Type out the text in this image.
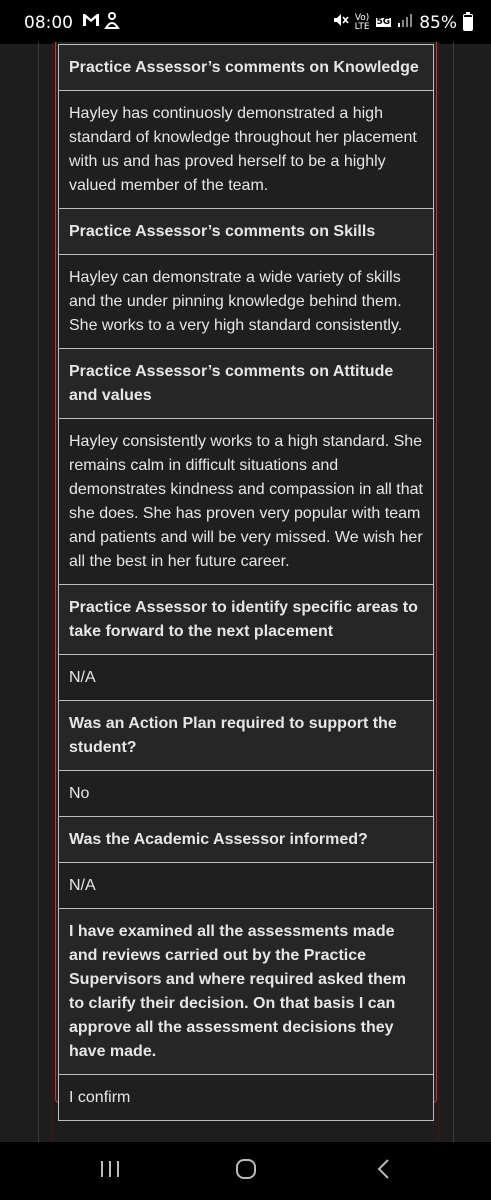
08:00	Vo)
LTE 5G 85%
Practice Assessor’s comments on Knowledge
Hayley has continuosly demonstrated a high standard of knowledge throughout her placement with us and has proved herself to be a highly valued member of the team.
Practice Assessor’s comments on Skills
Hayley can demonstrate a wide variety of skills and the under pinning knowledge behind them. She works to a very high standard consistently.
Practice Assessor’s comments on Attitude and values
Hayley consistently works to a high standard. She remains calm in difficult situations and demonstrates kindness and compassion in all that she does. She has proven very popular with team and patients and will be very missed. We wish her all the best in her future career.
Practice Assessor to identify specific areas to take forward to the next placement
N/A
Was an Action Plan required to support the student?
No
Was the Academic Assessor informed?
N/A
I have examined all the assessments made and reviews carried out by the Practice Supervisors and where required asked them to clarify their decision. On that basis I can approve all the assessment decisions they have made.
I confirm
